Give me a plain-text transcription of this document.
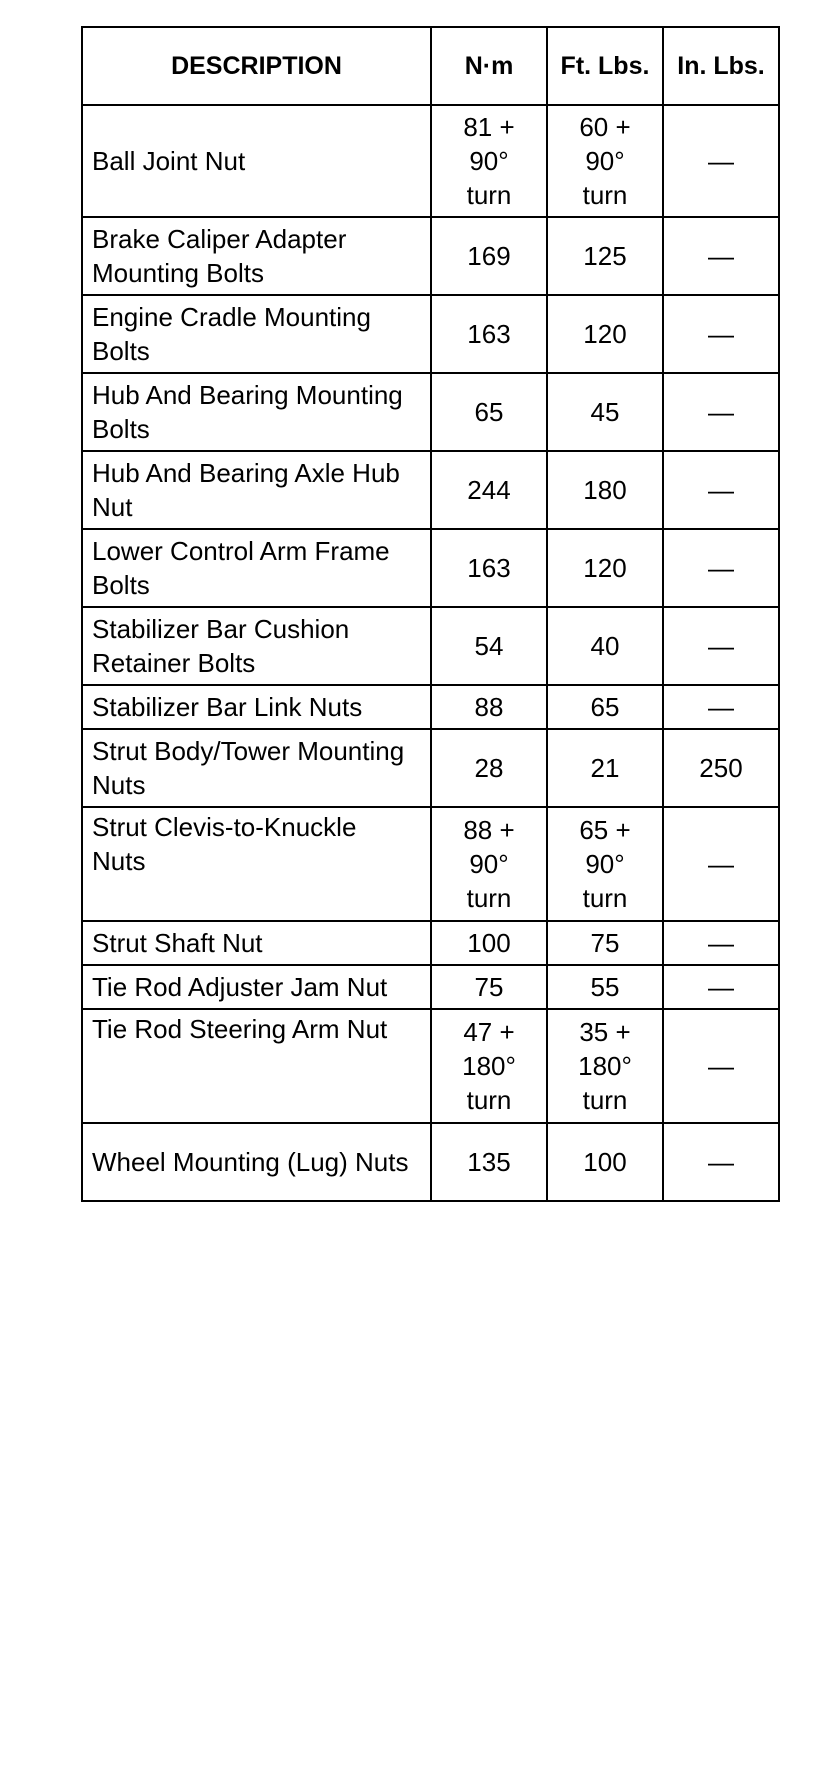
DESCRIPTION	N·m	Ft. Lbs.	In. Lbs.

Ball Joint Nut	81 +
90°
turn	60 +
90°
turn	—

Brake Caliper Adapter Mounting Bolts	169	125	—

Engine Cradle Mounting Bolts	163	120	—

Hub And Bearing Mounting Bolts	65	45	—

Hub And Bearing Axle Hub Nut	244	180	—

Lower Control Arm Frame Bolts	163	120	—

Stabilizer Bar Cushion Retainer Bolts	54	40	—

Stabilizer Bar Link Nuts	88	65	—

Strut Body/Tower Mounting Nuts	28	21	250

Strut Clevis-to-Knuckle
Nuts	88 +
90°
turn	65 +
90°
turn	—

Strut Shaft Nut	100	75	—

Tie Rod Adjuster Jam Nut	75	55	—

Tie Rod Steering Arm Nut	47 +
180°
turn	35 +
180°
turn	—

Wheel Mounting (Lug) Nuts	135	100	—
